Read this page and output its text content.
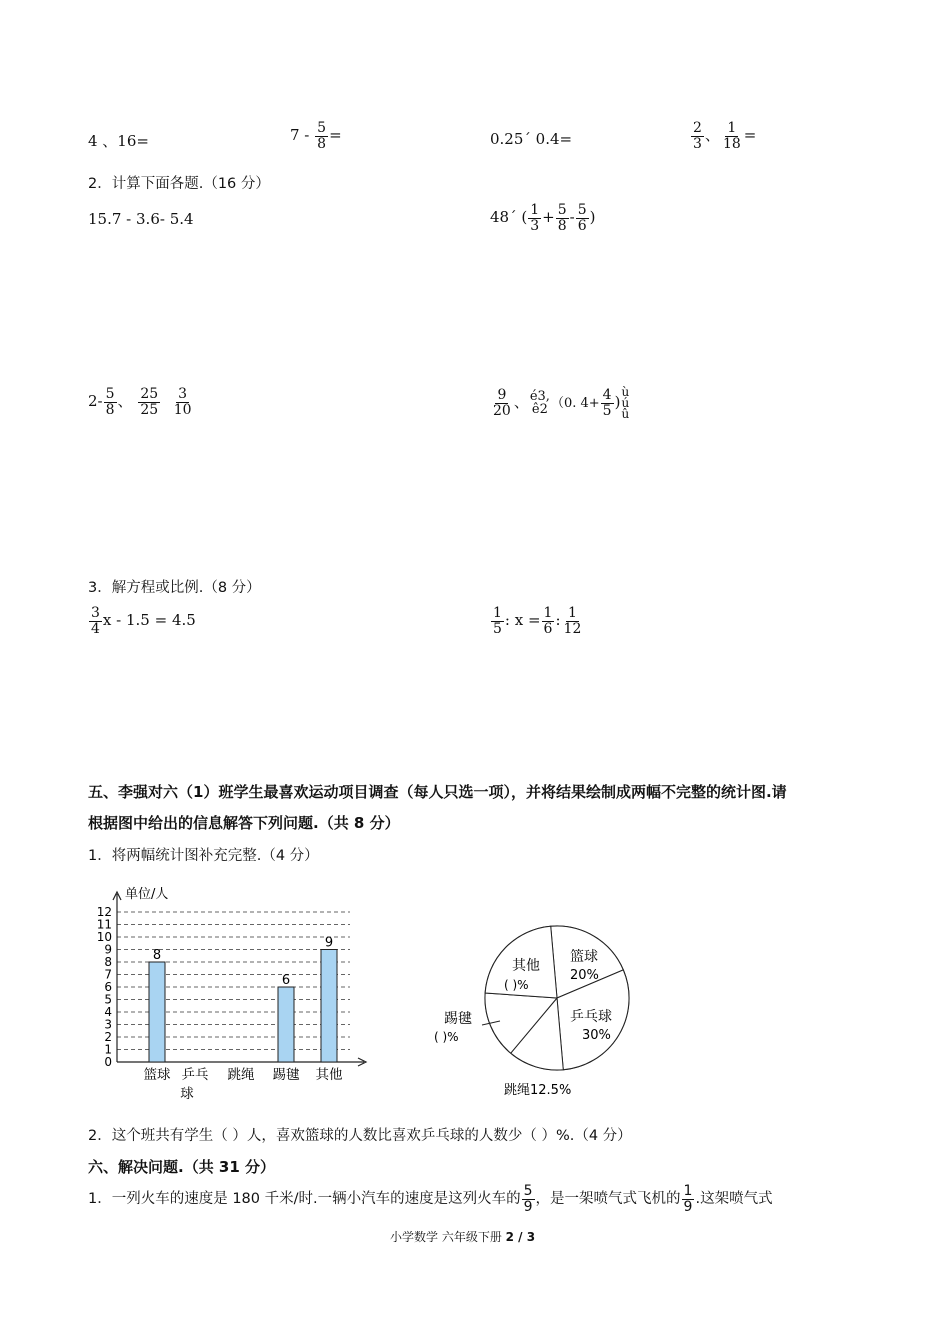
4 、16=	$7 - \frac{5}{8}$ =	0.25´ 0.4=	$\frac{2}{3}$ 、 $\frac{1}{18}$ =
2．计算下面各题.（16 分）
15.7 - 3.6- 5.4	48´ ( $\frac{1}{3} + \frac{5}{8} - \frac{5}{6}$ )
$2- \frac{5}{8}$ 、 $\frac{25}{25}$
$\frac{3}{10}$	$\frac{9}{20}$ 、 é3,
ê2 （0. $4+ \frac{4}{5}$ )
ù
ú
û
3．解方程或比例.（8 分）
$\frac{3}{4}$ x - 1.5 = 4.5	$\frac{1}{5}$ : $x = \frac{1}{6}$ : $\frac{1}{12}$
五、李强对六（1）班学生最喜欢运动项目调查（每人只选一项），并将结果绘制成两幅不完整的统计图.请
根据图中给出的信息解答下列问题.（共 8 分）
1．将两幅统计图补充完整.（4 分）
0
1
2
3
4
5
6
7
8
9
10
11
12
单位/人
8
6
9
篮球 乒乓
球
跳绳 踢毽 其他
篮球
20%
乒乓球
30%
其他
( )%
踢毽
( )%
跳绳12.5%
2．这个班共有学生（ ）人，喜欢篮球的人数比喜欢乒乓球的人数少（ ）%.（4 分）
六、解决问题.（共 31 分）
1．一列火车的速度是 180 千米/时.一辆小汽车的速度是这列火车的 $\frac{5}{9}$ ，是一架喷气式飞机的 $\frac{1}{9}$ .这架喷气式
小学数学 六年级下册 2 / 3
